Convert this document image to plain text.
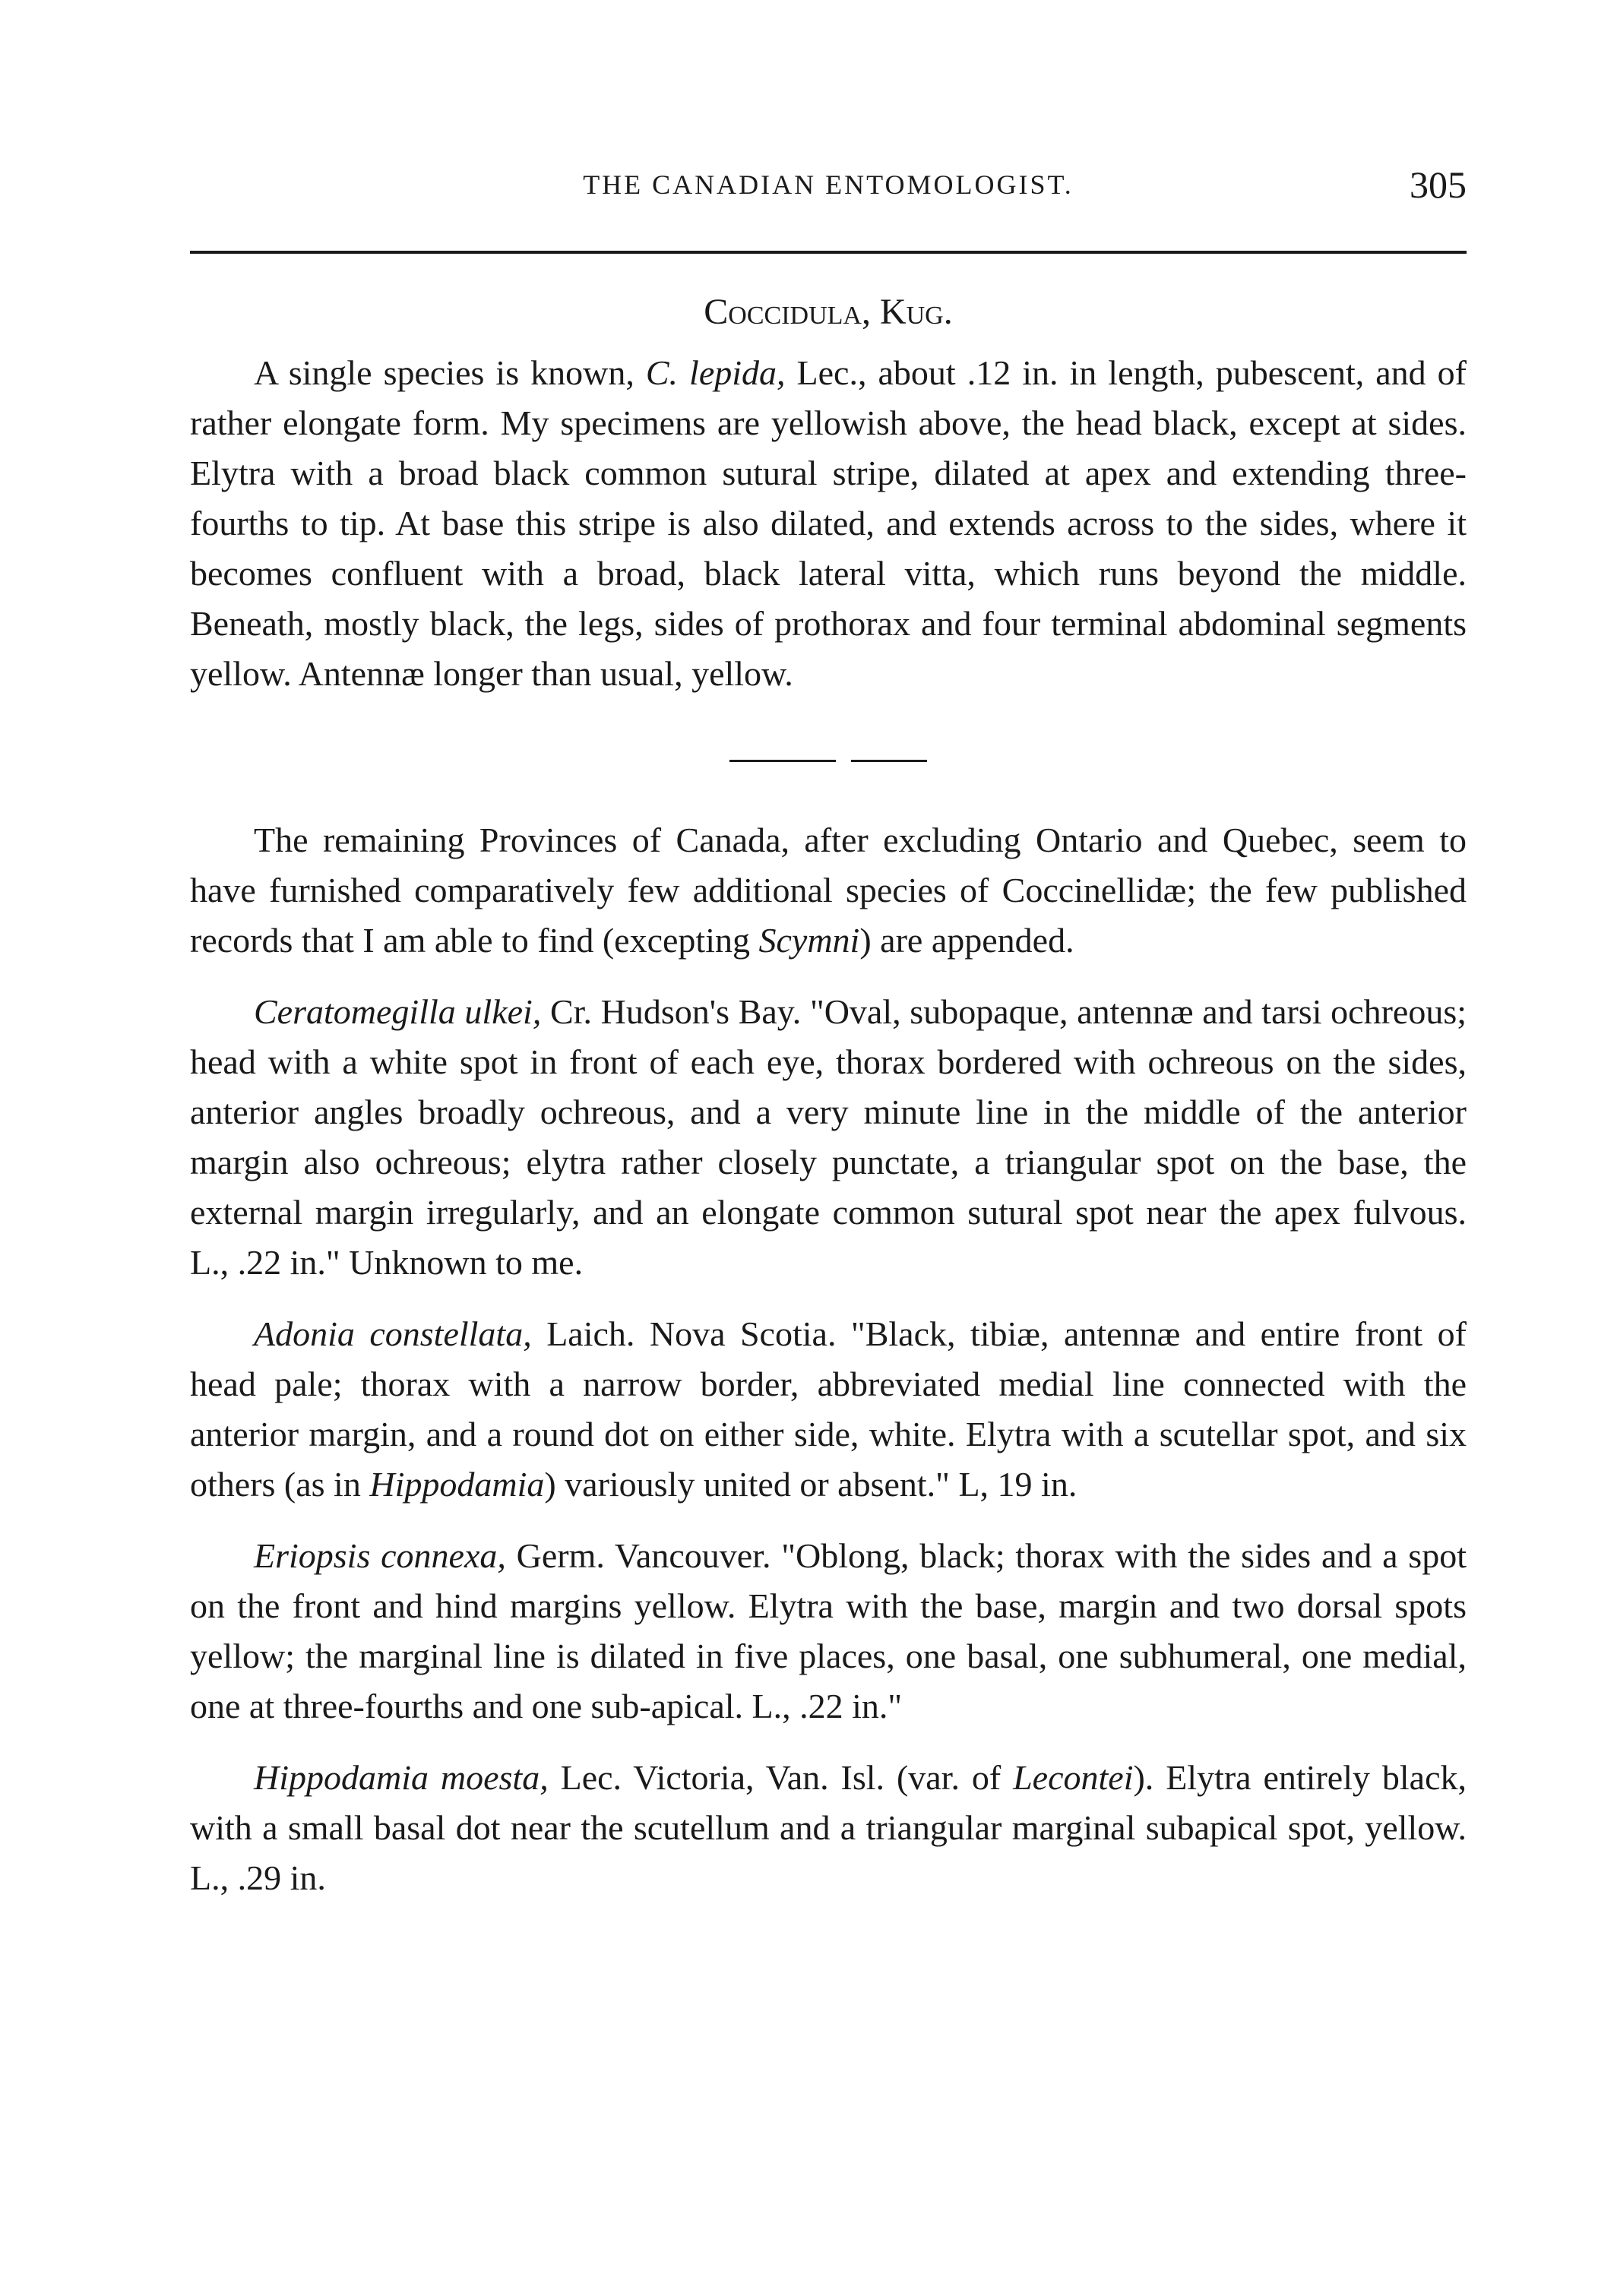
THE CANADIAN ENTOMOLOGIST.	305
Coccidula, Kug.

A single species is known, C. lepida, Lec., about .12 in. in length, pubescent, and of rather elongate form. My specimens are yellowish above, the head black, except at sides. Elytra with a broad black common sutural stripe, dilated at apex and extending three-fourths to tip. At base this stripe is also dilated, and extends across to the sides, where it becomes confluent with a broad, black lateral vitta, which runs beyond the middle. Beneath, mostly black, the legs, sides of prothorax and four terminal abdominal segments yellow. Antennæ longer than usual, yellow.

The remaining Provinces of Canada, after excluding Ontario and Quebec, seem to have furnished comparatively few additional species of Coccinellidæ; the few published records that I am able to find (excepting Scymni) are appended.

Ceratomegilla ulkei, Cr. Hudson's Bay. "Oval, subopaque, antennæ and tarsi ochreous; head with a white spot in front of each eye, thorax bordered with ochreous on the sides, anterior angles broadly ochreous, and a very minute line in the middle of the anterior margin also ochreous; elytra rather closely punctate, a triangular spot on the base, the external margin irregularly, and an elongate common sutural spot near the apex fulvous. L., .22 in." Unknown to me.

Adonia constellata, Laich. Nova Scotia. "Black, tibiæ, antennæ and entire front of head pale; thorax with a narrow border, abbreviated medial line connected with the anterior margin, and a round dot on either side, white. Elytra with a scutellar spot, and six others (as in Hippodamia) variously united or absent." L, 19 in.

Eriopsis connexa, Germ. Vancouver. "Oblong, black; thorax with the sides and a spot on the front and hind margins yellow. Elytra with the base, margin and two dorsal spots yellow; the marginal line is dilated in five places, one basal, one subhumeral, one medial, one at three-fourths and one sub-apical. L., .22 in."

Hippodamia moesta, Lec. Victoria, Van. Isl. (var. of Lecontei). Elytra entirely black, with a small basal dot near the scutellum and a triangular marginal subapical spot, yellow. L., .29 in.
